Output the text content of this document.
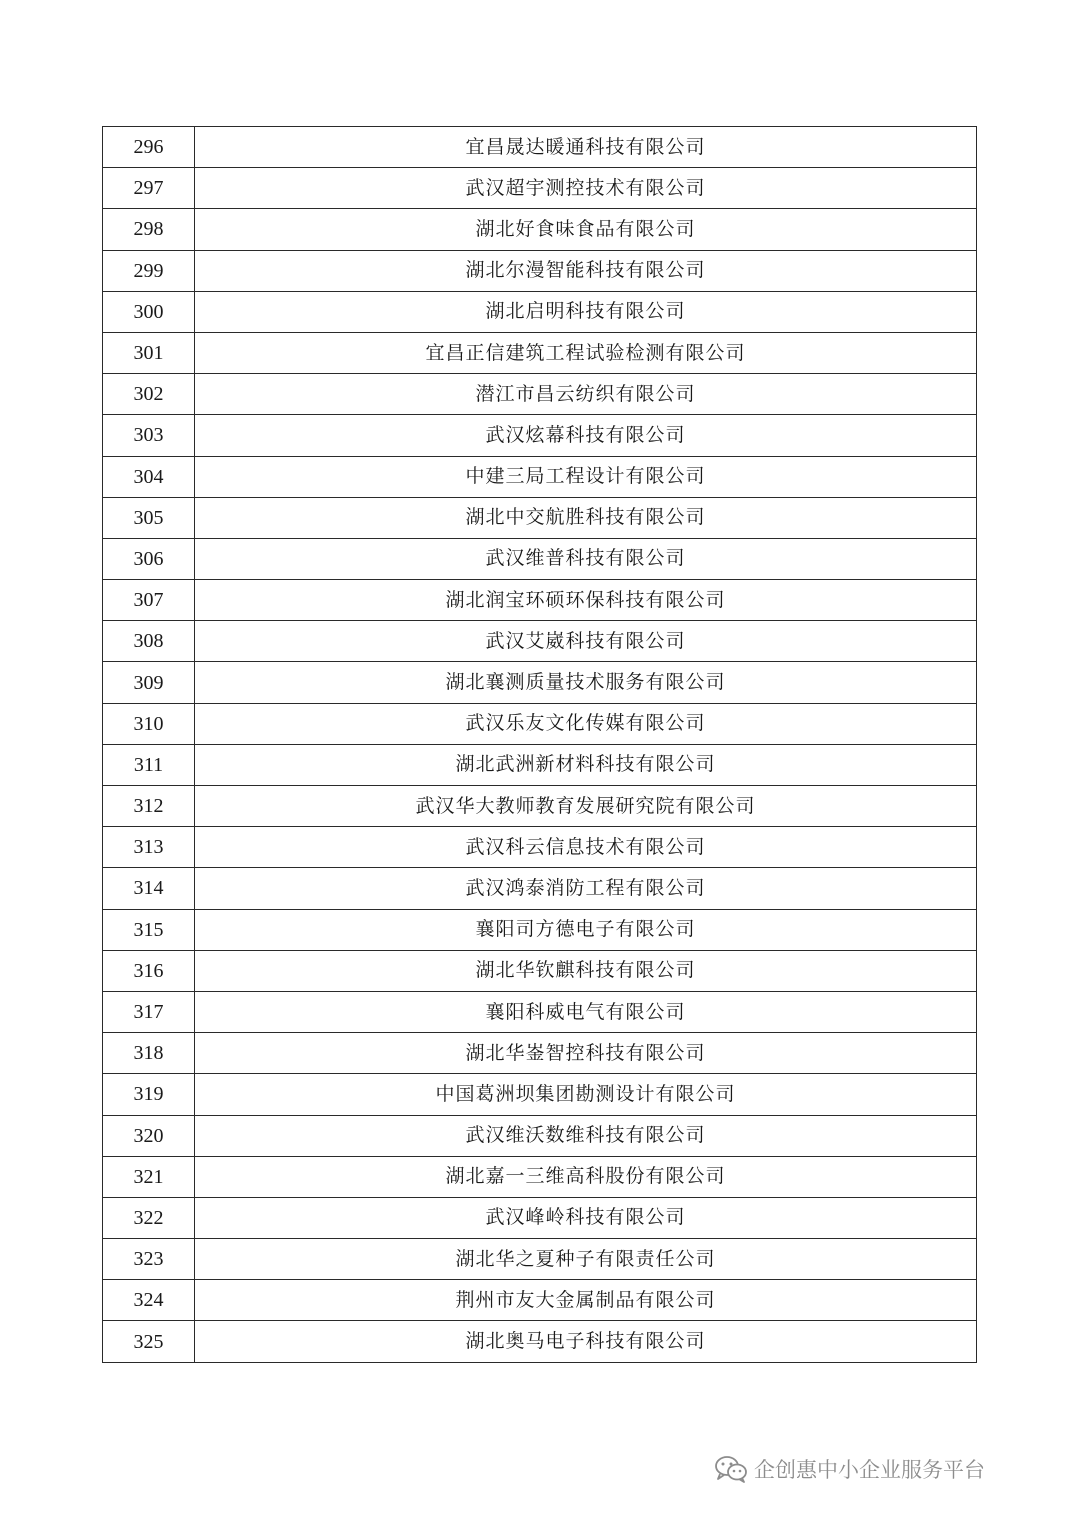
296	宜昌晟达暖通科技有限公司
297	武汉超宇测控技术有限公司
298	湖北好食味食品有限公司
299	湖北尔漫智能科技有限公司
300	湖北启明科技有限公司
301	宜昌正信建筑工程试验检测有限公司
302	潜江市昌云纺织有限公司
303	武汉炫幕科技有限公司
304	中建三局工程设计有限公司
305	湖北中交航胜科技有限公司
306	武汉维普科技有限公司
307	湖北润宝环硕环保科技有限公司
308	武汉艾崴科技有限公司
309	湖北襄测质量技术服务有限公司
310	武汉乐友文化传媒有限公司
311	湖北武洲新材料科技有限公司
312	武汉华大教师教育发展研究院有限公司
313	武汉科云信息技术有限公司
314	武汉鸿泰消防工程有限公司
315	襄阳司方德电子有限公司
316	湖北华钦麒科技有限公司
317	襄阳科威电气有限公司
318	湖北华崟智控科技有限公司
319	中国葛洲坝集团勘测设计有限公司
320	武汉维沃数维科技有限公司
321	湖北嘉一三维高科股份有限公司
322	武汉峰岭科技有限公司
323	湖北华之夏种子有限责任公司
324	荆州市友大金属制品有限公司
325	湖北奥马电子科技有限公司
企创惠中小企业服务平台
